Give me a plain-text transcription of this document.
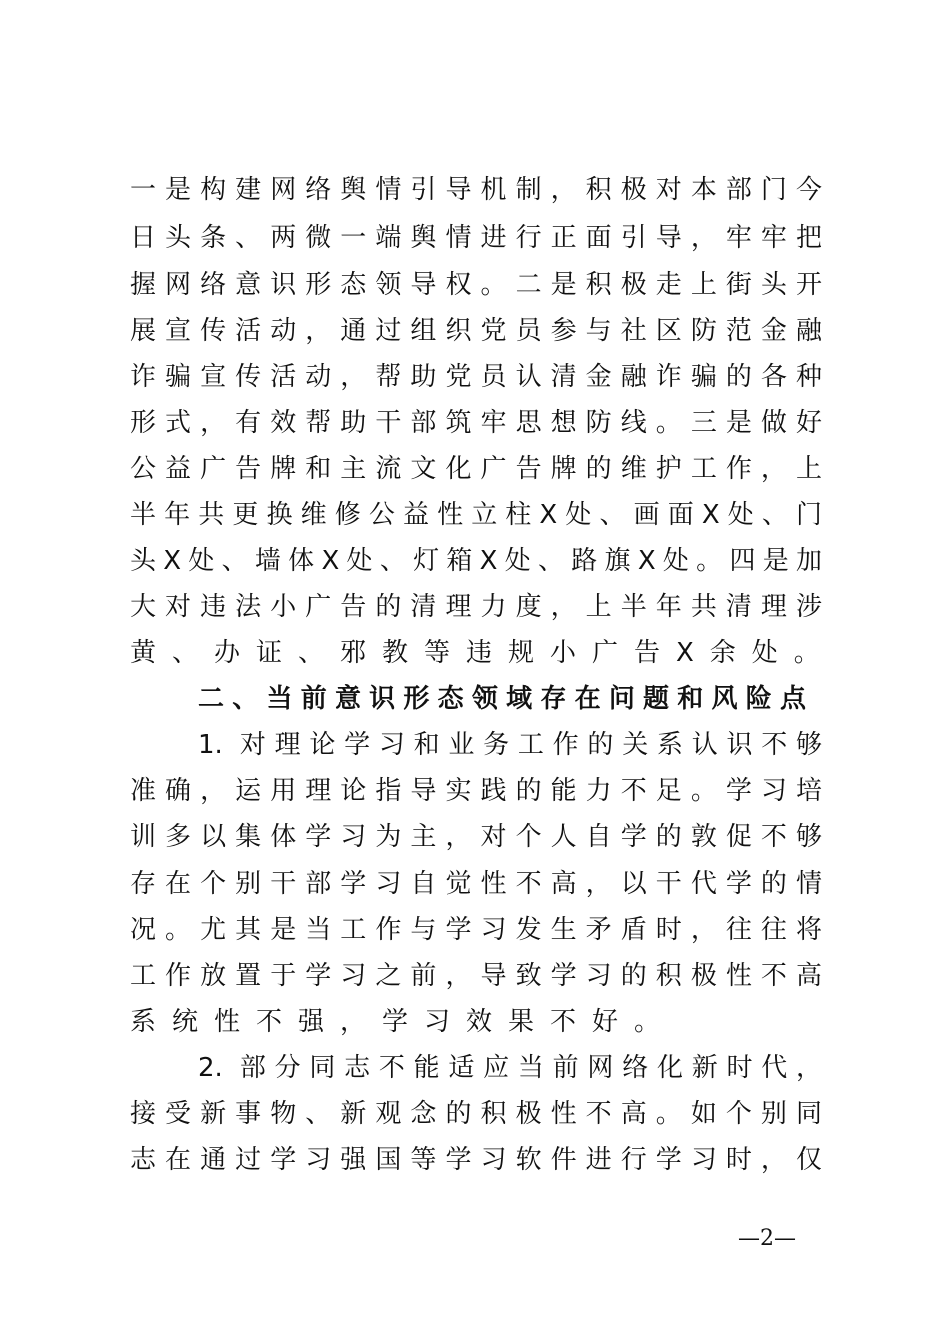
一是构建网络舆情引导机制，积极对本部门今
日头条、两微一端舆情进行正面引导，牢牢把
握网络意识形态领导权。二是积极走上街头开
展宣传活动，通过组织党员参与社区防范金融
诈骗宣传活动，帮助党员认清金融诈骗的各种
形式，有效帮助干部筑牢思想防线。三是做好
公益广告牌和主流文化广告牌的维护工作，上
半年共更换维修公益性立柱X处、画面X处、门
头X处、墙体X处、灯箱X处、路旗X处。四是加
大对违法小广告的清理力度，上半年共清理涉
黄、办证、邪教等违规小广告X余处。
二、当前意识形态领域存在问题和风险点
1. 对理论学习和业务工作的关系认识不够
准确，运用理论指导实践的能力不足。学习培
训多以集体学习为主，对个人自学的敦促不够
存在个别干部学习自觉性不高，以干代学的情
况。尤其是当工作与学习发生矛盾时，往往将
工作放置于学习之前，导致学习的积极性不高
系统性不强，学习效果不好。
2. 部分同志不能适应当前网络化新时代，
接受新事物、新观念的积极性不高。如个别同
志在通过学习强国等学习软件进行学习时，仅
—2—
